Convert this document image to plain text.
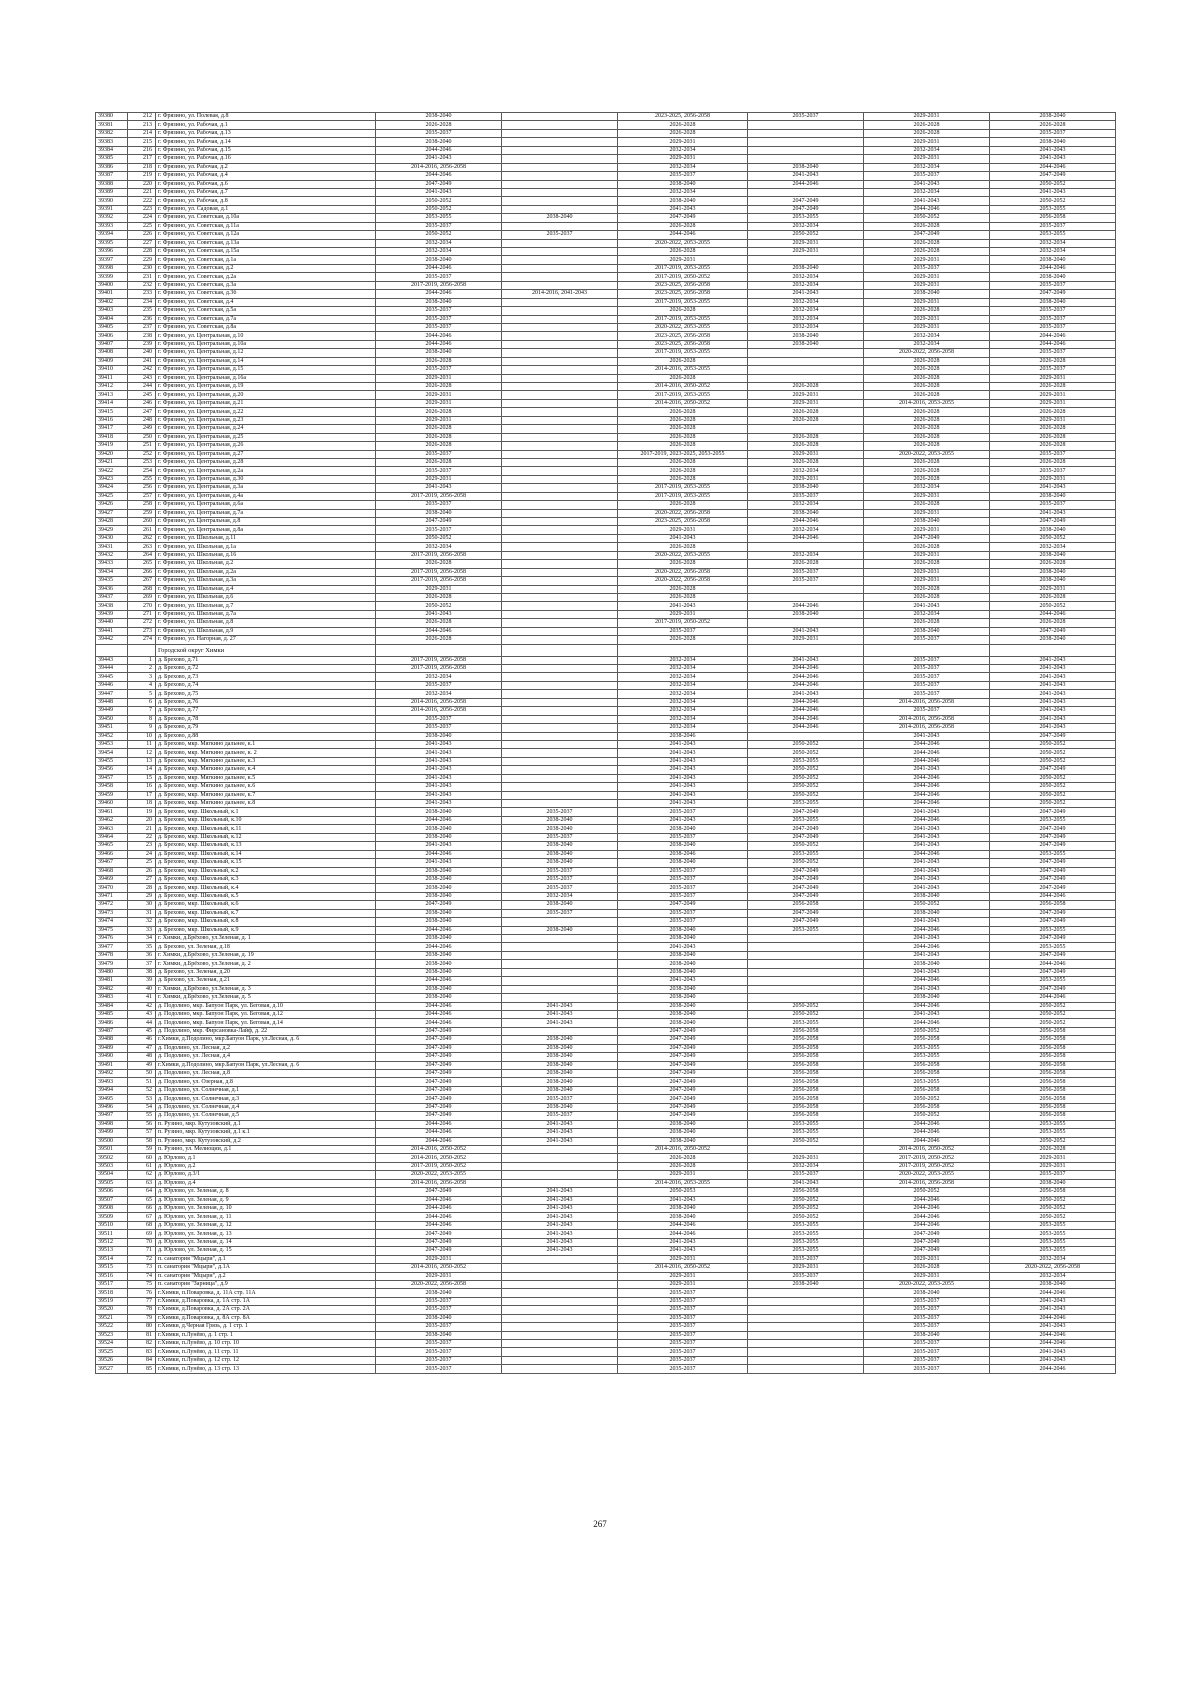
39380	212	г. Фрязино, ул. Полевая, д.8	2038-2040		2023-2025, 2056-2058	2035-2037	2029-2031	2038-2040
39381	213	г. Фрязино, ул. Рабочая, д.1	2026-2028		2026-2028		2026-2028	2026-2028
39382	214	г. Фрязино, ул. Рабочая, д.13	2035-2037		2026-2028		2026-2028	2035-2037
39383	215	г. Фрязино, ул. Рабочая, д.14	2038-2040		2029-2031		2029-2031	2038-2040
39384	216	г. Фрязино, ул. Рабочая, д.15	2044-2046		2032-2034		2032-2034	2041-2043
39385	217	г. Фрязино, ул. Рабочая, д.16	2041-2043		2029-2031		2029-2031	2041-2043
39386	218	г. Фрязино, ул. Рабочая, д.2	2014-2016, 2056-2058		2032-2034	2038-2040	2032-2034	2044-2046
39387	219	г. Фрязино, ул. Рабочая, д.4	2044-2046		2035-2037	2041-2043	2035-2037	2047-2049
39388	220	г. Фрязино, ул. Рабочая, д.6	2047-2049		2038-2040	2044-2046	2041-2043	2050-2052
39389	221	г. Фрязино, ул. Рабочая, д.7	2041-2043		2032-2034		2032-2034	2041-2043
39390	222	г. Фрязино, ул. Рабочая, д.8	2050-2052		2038-2040	2047-2049	2041-2043	2050-2052
39391	223	г. Фрязино, ул. Садовая, д.1	2050-2052		2041-2043	2047-2049	2044-2046	2053-2055
39392	224	г. Фрязино, ул. Советская, д.10а	2053-2055	2038-2040	2047-2049	2053-2055	2050-2052	2056-2058
39393	225	г. Фрязино, ул. Советская, д.11а	2035-2037		2026-2028	2032-2034	2026-2028	2035-2037
39394	226	г. Фрязино, ул. Советская, д.12а	2050-2052	2035-2037	2044-2046	2050-2052	2047-2049	2053-2055
39395	227	г. Фрязино, ул. Советская, д.13а	2032-2034		2020-2022, 2053-2055	2029-2031	2026-2028	2032-2034
39396	228	г. Фрязино, ул. Советская, д.15а	2032-2034		2026-2028	2029-2031	2026-2028	2032-2034
39397	229	г. Фрязино, ул. Советская, д.1а	2038-2040		2029-2031		2029-2031	2038-2040
39398	230	г. Фрязино, ул. Советская, д.2	2044-2046		2017-2019, 2053-2055	2038-2040	2035-2037	2044-2046
39399	231	г. Фрязино, ул. Советская, д.2а	2035-2037		2017-2019, 2050-2052	2032-2034	2029-2031	2038-2040
39400	232	г. Фрязино, ул. Советская, д.3а	2017-2019, 2056-2058		2023-2025, 2056-2058	2032-2034	2029-2031	2035-2037
39401	233	г. Фрязино, ул. Советская, д.3б	2044-2046	2014-2016, 2041-2043	2023-2025, 2056-2058	2041-2043	2038-2040	2047-2049
39402	234	г. Фрязино, ул. Советская, д.4	2038-2040		2017-2019, 2053-2055	2032-2034	2029-2031	2038-2040
39403	235	г. Фрязино, ул. Советская, д.5а	2035-2037		2026-2028	2032-2034	2026-2028	2035-2037
39404	236	г. Фрязино, ул. Советская, д.7а	2035-2037		2017-2019, 2053-2055	2032-2034	2029-2031	2035-2037
39405	237	г. Фрязино, ул. Советская, д.8а	2035-2037		2020-2022, 2053-2055	2032-2034	2029-2031	2035-2037
39406	238	г. Фрязино, ул. Центральная, д.10	2044-2046		2023-2025, 2056-2058	2038-2040	2032-2034	2044-2046
39407	239	г. Фрязино, ул. Центральная, д.10а	2044-2046		2023-2025, 2056-2058	2038-2040	2032-2034	2044-2046
39408	240	г. Фрязино, ул. Центральная, д.12	2038-2040		2017-2019, 2053-2055		2020-2022, 2056-2058	2035-2037
39409	241	г. Фрязино, ул. Центральная, д.14	2026-2028		2026-2028		2026-2028	2026-2028
39410	242	г. Фрязино, ул. Центральная, д.15	2035-2037		2014-2016, 2053-2055		2026-2028	2035-2037
39411	243	г. Фрязино, ул. Центральная, д.16а	2029-2031		2026-2028		2026-2028	2029-2031
39412	244	г. Фрязино, ул. Центральная, д.19	2026-2028		2014-2016, 2050-2052	2026-2028	2026-2028	2026-2028
39413	245	г. Фрязино, ул. Центральная, д.20	2029-2031		2017-2019, 2053-2055	2029-2031	2026-2028	2029-2031
39414	246	г. Фрязино, ул. Центральная, д.21	2029-2031		2014-2016, 2050-2052	2029-2031	2014-2016, 2053-2055	2029-2031
39415	247	г. Фрязино, ул. Центральная, д.22	2026-2028		2026-2028	2026-2028	2026-2028	2026-2028
39416	248	г. Фрязино, ул. Центральная, д.23	2029-2031		2026-2028	2026-2028	2026-2028	2029-2031
39417	249	г. Фрязино, ул. Центральная, д.24	2026-2028		2026-2028		2026-2028	2026-2028
39418	250	г. Фрязино, ул. Центральная, д.25	2026-2028		2026-2028	2026-2028	2026-2028	2026-2028
39419	251	г. Фрязино, ул. Центральная, д.26	2026-2028		2026-2028	2026-2028	2026-2028	2026-2028
39420	252	г. Фрязино, ул. Центральная, д.27	2035-2037		2017-2019, 2023-2025, 2053-2055	2029-2031	2020-2022, 2053-2055	2035-2037
39421	253	г. Фрязино, ул. Центральная, д.28	2026-2028		2026-2028	2026-2028	2026-2028	2026-2028
39422	254	г. Фрязино, ул. Центральная, д.2а	2035-2037		2026-2028	2032-2034	2026-2028	2035-2037
39423	255	г. Фрязино, ул. Центральная, д.30	2029-2031		2026-2028	2029-2031	2026-2028	2029-2031
39424	256	г. Фрязино, ул. Центральная, д.3а	2041-2043		2017-2019, 2053-2055	2038-2040	2032-2034	2041-2043
39425	257	г. Фрязино, ул. Центральная, д.4а	2017-2019, 2056-2058		2017-2019, 2053-2055	2035-2037	2029-2031	2038-2040
39426	258	г. Фрязино, ул. Центральная, д.6а	2035-2037		2026-2028	2032-2034	2026-2028	2035-2037
39427	259	г. Фрязино, ул. Центральная, д.7а	2038-2040		2020-2022, 2056-2058	2038-2040	2029-2031	2041-2043
39428	260	г. Фрязино, ул. Центральная, д.8	2047-2049		2023-2025, 2056-2058	2044-2046	2038-2040	2047-2049
39429	261	г. Фрязино, ул. Центральная, д.8а	2035-2037		2029-2031	2032-2034	2029-2031	2038-2040
39430	262	г. Фрязино, ул. Школьная, д.11	2050-2052		2041-2043	2044-2046	2047-2049	2050-2052
39431	263	г. Фрязино, ул. Школьная, д.1а	2032-2034		2026-2028		2026-2028	2032-2034
39432	264	г. Фрязино, ул. Школьная, д.16	2017-2019, 2056-2058		2020-2022, 2053-2055	2032-2034	2029-2031	2038-2040
39433	265	г. Фрязино, ул. Школьная, д.2	2026-2028		2026-2028	2026-2028	2026-2028	2026-2028
39434	266	г. Фрязино, ул. Школьная, д.2а	2017-2019, 2056-2058		2020-2022, 2056-2058	2035-2037	2029-2031	2038-2040
39435	267	г. Фрязино, ул. Школьная, д.3а	2017-2019, 2056-2058		2020-2022, 2056-2058	2035-2037	2029-2031	2038-2040
39436	268	г. Фрязино, ул. Школьная, д.4	2029-2031		2026-2028		2026-2028	2029-2031
39437	269	г. Фрязино, ул. Школьная, д.6	2026-2028		2026-2028		2026-2028	2026-2028
39438	270	г. Фрязино, ул. Школьная, д.7	2050-2052		2041-2043	2044-2046	2041-2043	2050-2052
39439	271	г. Фрязино, ул. Школьная, д.7а	2041-2043		2029-2031	2038-2040	2032-2034	2044-2046
39440	272	г. Фрязино, ул. Школьная, д.8	2026-2028		2017-2019, 2050-2052		2026-2028	2026-2028
39441	273	г. Фрязино, ул. Школьная, д.9	2044-2046		2035-2037	2041-2043	2038-2040	2047-2049
39442	274	г. Фрязино, ул. Нагорная, д. 27	2026-2028		2026-2028	2029-2031	2035-2037	2038-2040
		Городской округ Химки						
39443	1	д. Брехово, д.71	2017-2019, 2056-2058		2032-2034	2041-2043	2035-2037	2041-2043
39444	2	д. Брехово, д.72	2017-2019, 2056-2058		2032-2034	2044-2046	2035-2037	2041-2043
39445	3	д. Брехово, д.73	2032-2034		2032-2034	2044-2046	2035-2037	2041-2043
39446	4	д. Брехово, д.74	2035-2037		2032-2034	2044-2046	2035-2037	2041-2043
39447	5	д. Брехово, д.75	2032-2034		2032-2034	2041-2043	2035-2037	2041-2043
39448	6	д. Брехово, д.76	2014-2016, 2056-2058		2032-2034	2044-2046	2014-2016, 2056-2058	2041-2043
39449	7	д. Брехово, д.77	2014-2016, 2056-2058		2032-2034	2044-2046	2035-2037	2041-2043
39450	8	д. Брехово, д.78	2035-2037		2032-2034	2044-2046	2014-2016, 2056-2058	2041-2043
39451	9	д. Брехово, д.79	2035-2037		2032-2034	2044-2046	2014-2016, 2056-2058	2041-2043
39452	10	д. Брехово, д.88	2038-2040		2038-2046		2041-2043	2047-2049
39453	11	д. Брехово, мкр. Мягкино дальнее, к.1	2041-2043		2041-2043	2050-2052	2044-2046	2050-2052
39454	12	д. Брехово, мкр. Мягкино дальнее, к. 2	2041-2043		2041-2043	2050-2052	2044-2046	2050-2052
39455	13	д. Брехово, мкр. Мягкино дальнее, к.3	2041-2043		2041-2043	2053-2055	2044-2046	2050-2052
39456	14	д. Брехово, мкр. Мягкино дальнее, к.4	2041-2043		2041-2043	2050-2052	2041-2043	2047-2049
39457	15	д. Брехово, мкр. Мягкино дальнее, к.5	2041-2043		2041-2043	2050-2052	2044-2046	2050-2052
39458	16	д. Брехово, мкр. Мягкино дальнее, к.6	2041-2043		2041-2043	2050-2052	2044-2046	2050-2052
39459	17	д. Брехово, мкр. Мягкино дальнее, к.7	2041-2043		2041-2043	2050-2052	2044-2046	2050-2052
39460	18	д. Брехово, мкр. Мягкино дальнее, к.8	2041-2043		2041-2043	2053-2055	2044-2046	2050-2052
39461	19	д. Брехово, мкр. Школьный, к.1	2038-2040	2035-2037	2035-2037	2047-2049	2041-2043	2047-2049
39462	20	д. Брехово, мкр. Школьный, к.10	2044-2046	2038-2040	2041-2043	2053-2055	2044-2046	2053-2055
39463	21	д. Брехово, мкр. Школьный, к.11	2038-2040	2038-2040	2038-2040	2047-2049	2041-2043	2047-2049
39464	22	д. Брехово, мкр. Школьный, к.12	2038-2040	2035-2037	2035-2037	2047-2049	2041-2043	2047-2049
39465	23	д. Брехово, мкр. Школьный, к.13	2041-2043	2038-2040	2038-2040	2050-2052	2041-2043	2047-2049
39466	24	д. Брехово, мкр. Школьный, к.14	2044-2046	2038-2040	2038-2046	2053-2055	2044-2046	2053-2055
39467	25	д. Брехово, мкр. Школьный, к.15	2041-2043	2038-2040	2038-2040	2050-2052	2041-2043	2047-2049
39468	26	д. Брехово, мкр. Школьный, к.2	2038-2040	2035-2037	2035-2037	2047-2049	2041-2043	2047-2049
39469	27	д. Брехово, мкр. Школьный, к.3	2038-2040	2035-2037	2035-2037	2047-2049	2041-2043	2047-2049
39470	28	д. Брехово, мкр. Школьный, к.4	2038-2040	2035-2037	2035-2037	2047-2049	2041-2043	2047-2049
39471	29	д. Брехово, мкр. Школьный, к.5	2038-2040	2032-2034	2035-2037	2047-2049	2038-2040	2044-2046
39472	30	д. Брехово, мкр. Школьный, к.6	2047-2049	2038-2040	2047-2049	2056-2058	2050-2052	2056-2058
39473	31	д. Брехово, мкр. Школьный, к.7	2038-2040	2035-2037	2035-2037	2047-2049	2038-2040	2047-2049
39474	32	д. Брехово, мкр. Школьный, к.8	2038-2040		2035-2037	2047-2049	2041-2043	2047-2049
39475	33	д. Брехово, мкр. Школьный, к.9	2044-2046	2038-2040	2038-2040	2053-2055	2044-2046	2053-2055
39476	34	г. Химки, д.Брёхово, ул.Зеленая, д. 1	2038-2040		2038-2040		2041-2043	2047-2049
39477	35	д. Брехово, ул. Зеленая, д.18	2044-2046		2041-2043		2044-2046	2053-2055
39478	36	г. Химки, д.Брёхово, ул.Зеленая, д. 19	2038-2040		2038-2040		2041-2043	2047-2049
39479	37	г. Химки, д.Брёхово, ул.Зеленая, д. 2	2038-2040		2038-2040		2038-2040	2044-2046
39480	38	д. Брехово, ул. Зеленая, д.20	2038-2040		2038-2040		2041-2043	2047-2049
39481	39	д. Брехово, ул. Зеленая, д.21	2044-2046		2041-2043		2044-2046	2053-2055
39482	40	г. Химки, д.Брёхово, ул.Зеленая, д. 3	2038-2040		2038-2040		2041-2043	2047-2049
39483	41	г. Химки, д.Брёхово, ул.Зеленая, д. 5	2038-2040		2038-2040		2038-2040	2044-2046
39484	42	д. Подолино, мкр. Бапуон Парк, ул. Беговая, д.10	2044-2046	2041-2043	2038-2040	2050-2052	2044-2046	2050-2052
39485	43	д. Подолино, мкр. Бапуон Парк, ул. Беговая, д.12	2044-2046	2041-2043	2038-2040	2050-2052	2041-2043	2050-2052
39486	44	д. Подолино, мкр. Бапуон Парк, ул. Беговая, д.14	2044-2046	2041-2043	2038-2040	2053-2055	2044-2046	2050-2052
39487	45	д. Подолино, мкр. Фирсановка-Лайф, д. 22	2047-2049		2047-2049	2056-2058	2050-2052	2056-2058
39488	46	г.Химки, д.Подолино, мкр.Бапуон Парк, ул.Лесная, д. 6	2047-2049	2038-2040	2047-2049	2056-2058	2056-2058	2056-2058
39489	47	д. Подолино, ул. Лесная, д.2	2047-2049	2038-2040	2047-2049	2056-2058	2053-2055	2056-2058
39490	48	д. Подолино, ул. Лесная, д.4	2047-2049	2038-2040	2047-2049	2056-2058	2053-2055	2056-2058
39491	49	г.Химки, д.Подолино, мкр.Бапуон Парк, ул.Лесная, д. 6	2047-2049	2038-2040	2047-2049	2056-2058	2056-2058	2056-2058
39492	50	д. Подолино, ул. Лесная, д.8	2047-2049	2038-2040	2047-2049	2056-2058	2056-2058	2056-2058
39493	51	д. Подолино, ул. Озерная, д.8	2047-2049	2038-2040	2047-2049	2056-2058	2053-2055	2056-2058
39494	52	д. Подолино, ул. Солнечная, д.1	2047-2049	2038-2040	2047-2049	2056-2058	2056-2058	2056-2058
39495	53	д. Подолино, ул. Солнечная, д.3	2047-2049	2035-2037	2047-2049	2056-2058	2050-2052	2056-2058
39496	54	д. Подолино, ул. Солнечная, д.4	2047-2049	2038-2040	2047-2049	2056-2058	2056-2058	2056-2058
39497	55	д. Подолино, ул. Солнечная, д.5	2047-2049	2035-2037	2047-2049	2056-2058	2050-2052	2056-2058
39498	56	п. Рузино, мкр. Кутузовский, д.1	2044-2046	2041-2043	2038-2040	2053-2055	2044-2046	2053-2055
39499	57	п. Рузино, мкр. Кутузовский, д.1 к.1	2044-2046	2041-2043	2038-2040	2053-2055	2044-2046	2053-2055
39500	58	п. Рузино, мкр. Кутузовский, д.2	2044-2046	2041-2043	2038-2040	2050-2052	2044-2046	2050-2052
39501	59	п. Рузино, ул. Мелиоции, д.1	2014-2016, 2050-2052		2014-2016, 2050-2052		2014-2016, 2050-2052	2026-2028
39502	60	д. Юрлово, д.1	2014-2016, 2050-2052		2026-2028	2029-2031	2017-2019, 2050-2052	2029-2031
39503	61	д. Юрлово, д.2	2017-2019, 2050-2052		2026-2028	2032-2034	2017-2019, 2050-2052	2029-2031
39504	62	д. Юрлово, д.3/1	2020-2022, 2053-2055		2029-2031	2035-2037	2020-2022, 2053-2055	2035-2037
39505	63	д. Юрлово, д.4	2014-2016, 2056-2058		2014-2016, 2053-2055	2041-2043	2014-2016, 2056-2058	2038-2040
39506	64	д. Юрлово, ул. Зеленая, д. 8	2047-2049	2041-2043	2050-2053	2056-2058	2050-2052	2056-2058
39507	65	д. Юрлово, ул. Зеленая, д. 9	2044-2046	2041-2043	2041-2043	2050-2052	2044-2046	2050-2052
39508	66	д. Юрлово, ул. Зеленая, д. 10	2044-2046	2041-2043	2038-2040	2050-2052	2044-2046	2050-2052
39509	67	д. Юрлово, ул. Зеленая, д. 11	2044-2046	2041-2043	2038-2040	2050-2052	2044-2046	2050-2052
39510	68	д. Юрлово, ул. Зеленая, д. 12	2044-2046	2041-2043	2044-2046	2053-2055	2044-2046	2053-2055
39511	69	д. Юрлово, ул. Зеленая, д. 13	2047-2049	2041-2043	2044-2046	2053-2055	2047-2049	2053-2055
39512	70	д. Юрлово, ул. Зеленая, д. 14	2047-2049	2041-2043	2041-2043	2053-2055	2047-2049	2053-2055
39513	71	д. Юрлово, ул. Зеленая, д. 15	2047-2049	2041-2043	2041-2043	2053-2055	2047-2049	2053-2055
39514	72	п. санатория "Мцыри", д.1	2029-2031		2029-2031	2035-2037	2029-2031	2032-2034
39515	73	п. санатория "Мцыри", д.1А	2014-2016, 2050-2052		2014-2016, 2050-2052	2029-2031	2026-2028	2020-2022, 2056-2058
39516	74	п. санатория "Мцыри", д.2	2029-2031		2029-2031	2035-2037	2029-2031	2032-2034
39517	75	п. санатория "Зарница", д.9	2020-2022, 2056-2058		2029-2031	2038-2040	2020-2022, 2053-2055	2038-2040
39518	76	г.Химки, п.Поваровка, д. 11А стр. 11А	2038-2040		2035-2037		2038-2040	2044-2046
39519	77	г.Химки, д.Поваровка, д. 1А стр. 1А	2035-2037		2035-2037		2035-2037	2041-2043
39520	78	г.Химки, д.Поваровка, д. 2А стр. 2А	2035-2037		2035-2037		2035-2037	2041-2043
39521	79	г.Химки, д.Поваровка, д. 8А стр. 8А	2038-2040		2035-2037		2035-2037	2044-2046
39522	80	г.Химки, д.Черная Грязь, д. 1 стр. 1	2035-2037		2035-2037		2035-2037	2041-2043
39523	81	г.Химки, п.Лунёво, д. 1 стр. 1	2038-2040		2035-2037		2038-2040	2044-2046
39524	82	г.Химки, п.Лунёво, д. 10 стр. 10	2035-2037		2035-2037		2035-2037	2044-2046
39525	83	г.Химки, п.Лунёво, д. 11 стр. 11	2035-2037		2035-2037		2035-2037	2041-2043
39526	84	г.Химки, п.Лунёво, д. 12 стр. 12	2035-2037		2035-2037		2035-2037	2041-2043
39527	85	г.Химки, п.Лунёво, д. 13 стр. 13	2035-2037		2035-2037		2035-2037	2044-2046
267
